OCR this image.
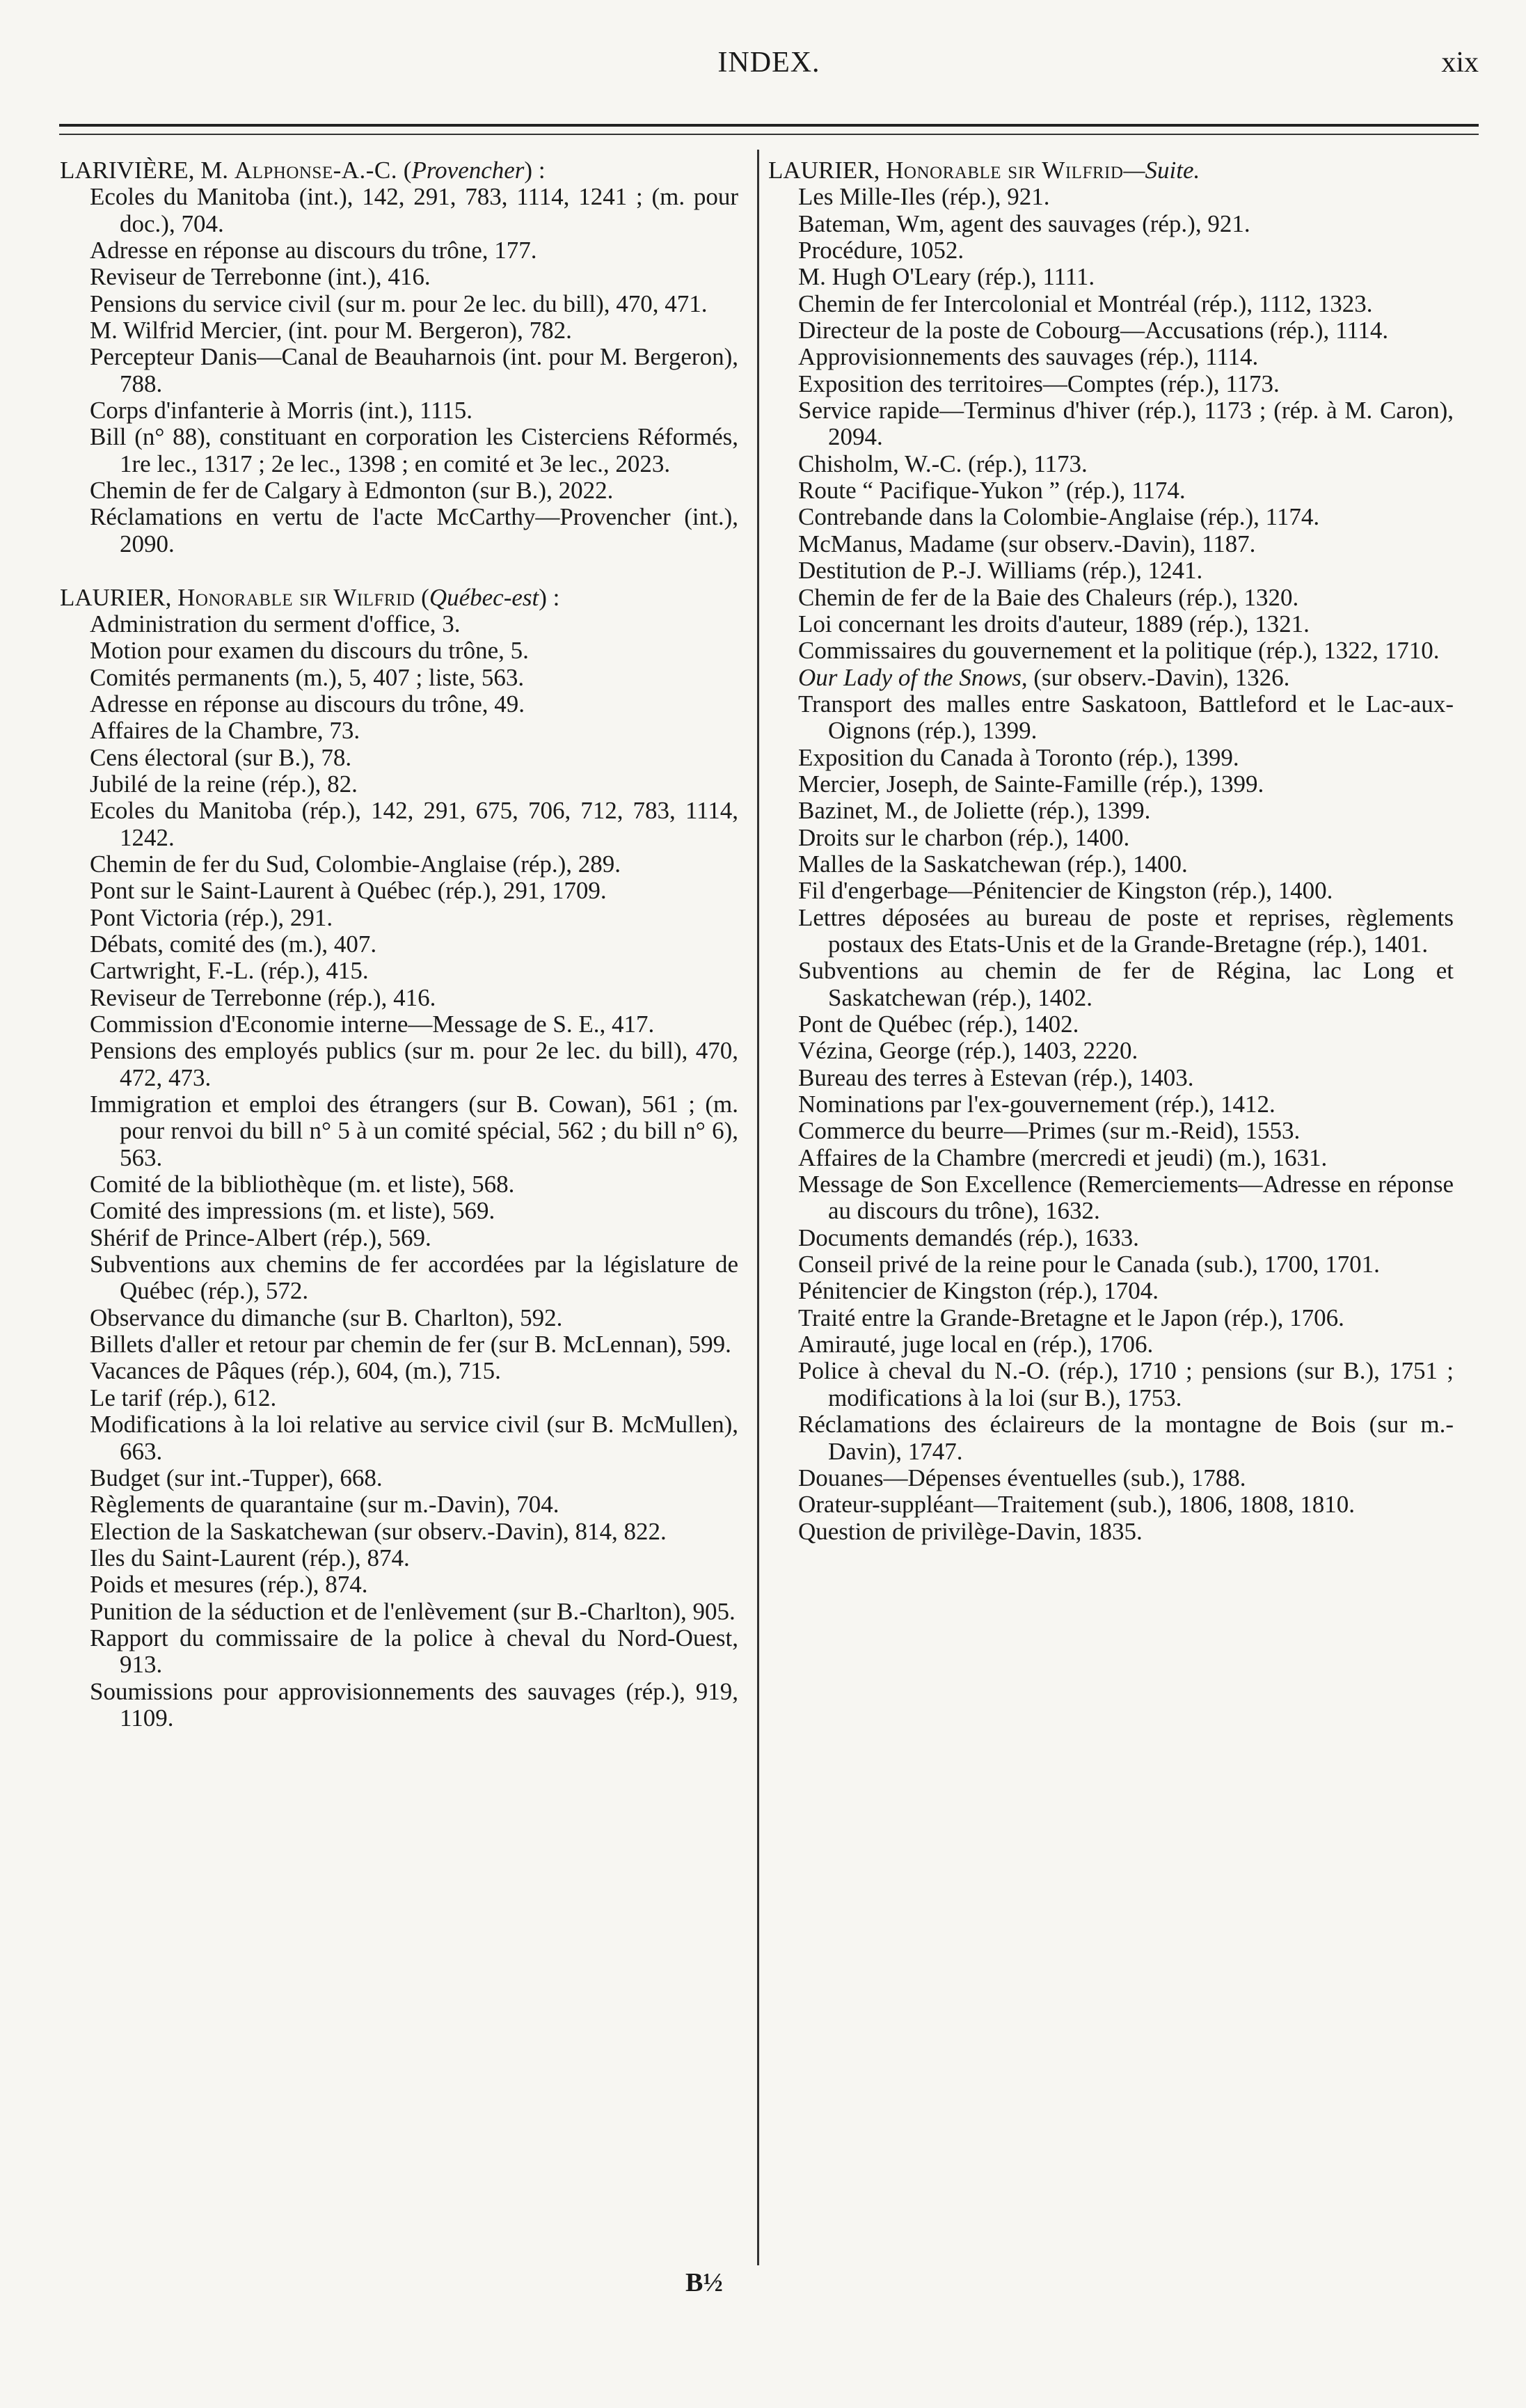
INDEX.	xix

LARIVIÈRE, M. Alphonse-A.-C. (Provencher) :

Ecoles du Manitoba (int.), 142, 291, 783, 1114, 1241 ; (m. pour doc.), 704.

Adresse en réponse au discours du trône, 177.

Reviseur de Terrebonne (int.), 416.

Pensions du service civil (sur m. pour 2e lec. du bill), 470, 471.

M. Wilfrid Mercier, (int. pour M. Bergeron), 782.

Percepteur Danis—Canal de Beauharnois (int. pour M. Bergeron), 788.

Corps d'infanterie à Morris (int.), 1115.

Bill (n° 88), constituant en corporation les Cisterciens Réformés, 1re lec., 1317 ; 2e lec., 1398 ; en comité et 3e lec., 2023.

Chemin de fer de Calgary à Edmonton (sur B.), 2022.

Réclamations en vertu de l'acte McCarthy—Provencher (int.), 2090.

LAURIER, Honorable sir Wilfrid (Québec-est) :

Administration du serment d'office, 3.

Motion pour examen du discours du trône, 5.

Comités permanents (m.), 5, 407 ; liste, 563.

Adresse en réponse au discours du trône, 49.

Affaires de la Chambre, 73.

Cens électoral (sur B.), 78.

Jubilé de la reine (rép.), 82.

Ecoles du Manitoba (rép.), 142, 291, 675, 706, 712, 783, 1114, 1242.

Chemin de fer du Sud, Colombie-Anglaise (rép.), 289.

Pont sur le Saint-Laurent à Québec (rép.), 291, 1709.

Pont Victoria (rép.), 291.

Débats, comité des (m.), 407.

Cartwright, F.-L. (rép.), 415.

Reviseur de Terrebonne (rép.), 416.

Commission d'Economie interne—Message de S. E., 417.

Pensions des employés publics (sur m. pour 2e lec. du bill), 470, 472, 473.

Immigration et emploi des étrangers (sur B. Cowan), 561 ; (m. pour renvoi du bill n° 5 à un comité spécial, 562 ; du bill n° 6), 563.

Comité de la bibliothèque (m. et liste), 568.

Comité des impressions (m. et liste), 569.

Shérif de Prince-Albert (rép.), 569.

Subventions aux chemins de fer accordées par la législature de Québec (rép.), 572.

Observance du dimanche (sur B. Charlton), 592.

Billets d'aller et retour par chemin de fer (sur B. McLennan), 599.

Vacances de Pâques (rép.), 604, (m.), 715.

Le tarif (rép.), 612.

Modifications à la loi relative au service civil (sur B. McMullen), 663.

Budget (sur int.-Tupper), 668.

Règlements de quarantaine (sur m.-Davin), 704.

Election de la Saskatchewan (sur observ.-Davin), 814, 822.

Iles du Saint-Laurent (rép.), 874.

Poids et mesures (rép.), 874.

Punition de la séduction et de l'enlèvement (sur B.-Charlton), 905.

Rapport du commissaire de la police à cheval du Nord-Ouest, 913.

Soumissions pour approvisionnements des sauvages (rép.), 919, 1109.

LAURIER, Honorable sir Wilfrid—Suite.

Les Mille-Iles (rép.), 921.

Bateman, Wm, agent des sauvages (rép.), 921.

Procédure, 1052.

M. Hugh O'Leary (rép.), 1111.

Chemin de fer Intercolonial et Montréal (rép.), 1112, 1323.

Directeur de la poste de Cobourg—Accusations (rép.), 1114.

Approvisionnements des sauvages (rép.), 1114.

Exposition des territoires—Comptes (rép.), 1173.

Service rapide—Terminus d'hiver (rép.), 1173 ; (rép. à M. Caron), 2094.

Chisholm, W.-C. (rép.), 1173.

Route “ Pacifique-Yukon ” (rép.), 1174.

Contrebande dans la Colombie-Anglaise (rép.), 1174.

McManus, Madame (sur observ.-Davin), 1187.

Destitution de P.-J. Williams (rép.), 1241.

Chemin de fer de la Baie des Chaleurs (rép.), 1320.

Loi concernant les droits d'auteur, 1889 (rép.), 1321.

Commissaires du gouvernement et la politique (rép.), 1322, 1710.

Our Lady of the Snows, (sur observ.-Davin), 1326.

Transport des malles entre Saskatoon, Battleford et le Lac-aux-Oignons (rép.), 1399.

Exposition du Canada à Toronto (rép.), 1399.

Mercier, Joseph, de Sainte-Famille (rép.), 1399.

Bazinet, M., de Joliette (rép.), 1399.

Droits sur le charbon (rép.), 1400.

Malles de la Saskatchewan (rép.), 1400.

Fil d'engerbage—Pénitencier de Kingston (rép.), 1400.

Lettres déposées au bureau de poste et reprises, règlements postaux des Etats-Unis et de la Grande-Bretagne (rép.), 1401.

Subventions au chemin de fer de Régina, lac Long et Saskatchewan (rép.), 1402.

Pont de Québec (rép.), 1402.

Vézina, George (rép.), 1403, 2220.

Bureau des terres à Estevan (rép.), 1403.

Nominations par l'ex-gouvernement (rép.), 1412.

Commerce du beurre—Primes (sur m.-Reid), 1553.

Affaires de la Chambre (mercredi et jeudi) (m.), 1631.

Message de Son Excellence (Remerciements—Adresse en réponse au discours du trône), 1632.

Documents demandés (rép.), 1633.

Conseil privé de la reine pour le Canada (sub.), 1700, 1701.

Pénitencier de Kingston (rép.), 1704.

Traité entre la Grande-Bretagne et le Japon (rép.), 1706.

Amirauté, juge local en (rép.), 1706.

Police à cheval du N.-O. (rép.), 1710 ; pensions (sur B.), 1751 ; modifications à la loi (sur B.), 1753.

Réclamations des éclaireurs de la montagne de Bois (sur m.-Davin), 1747.

Douanes—Dépenses éventuelles (sub.), 1788.

Orateur-suppléant—Traitement (sub.), 1806, 1808, 1810.

Question de privilège-Davin, 1835.

B½
